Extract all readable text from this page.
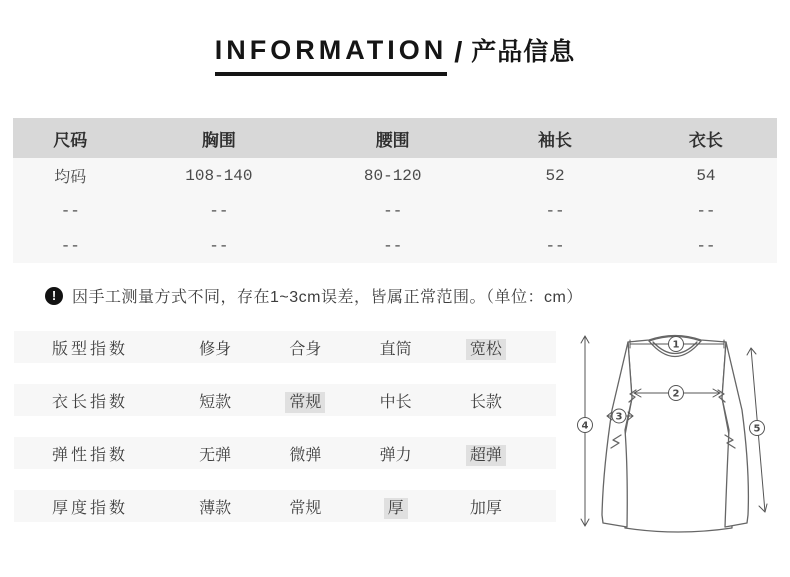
INFORMATION / 产品信息
尺码	胸围	腰围	袖长	衣长
均码	108-140	80-120	52	54
--	--	--	--	--
--	--	--	--	--
! 因手工测量方式不同，存在1~3cm误差，皆属正常范围。（单位：cm）
版型指数	修身	合身	直筒	宽松
衣长指数	短款	常规	中长	长款
弹性指数	无弹	微弹	弹力	超弹
厚度指数	薄款	常规	厚	加厚
1
2
3
4	5
